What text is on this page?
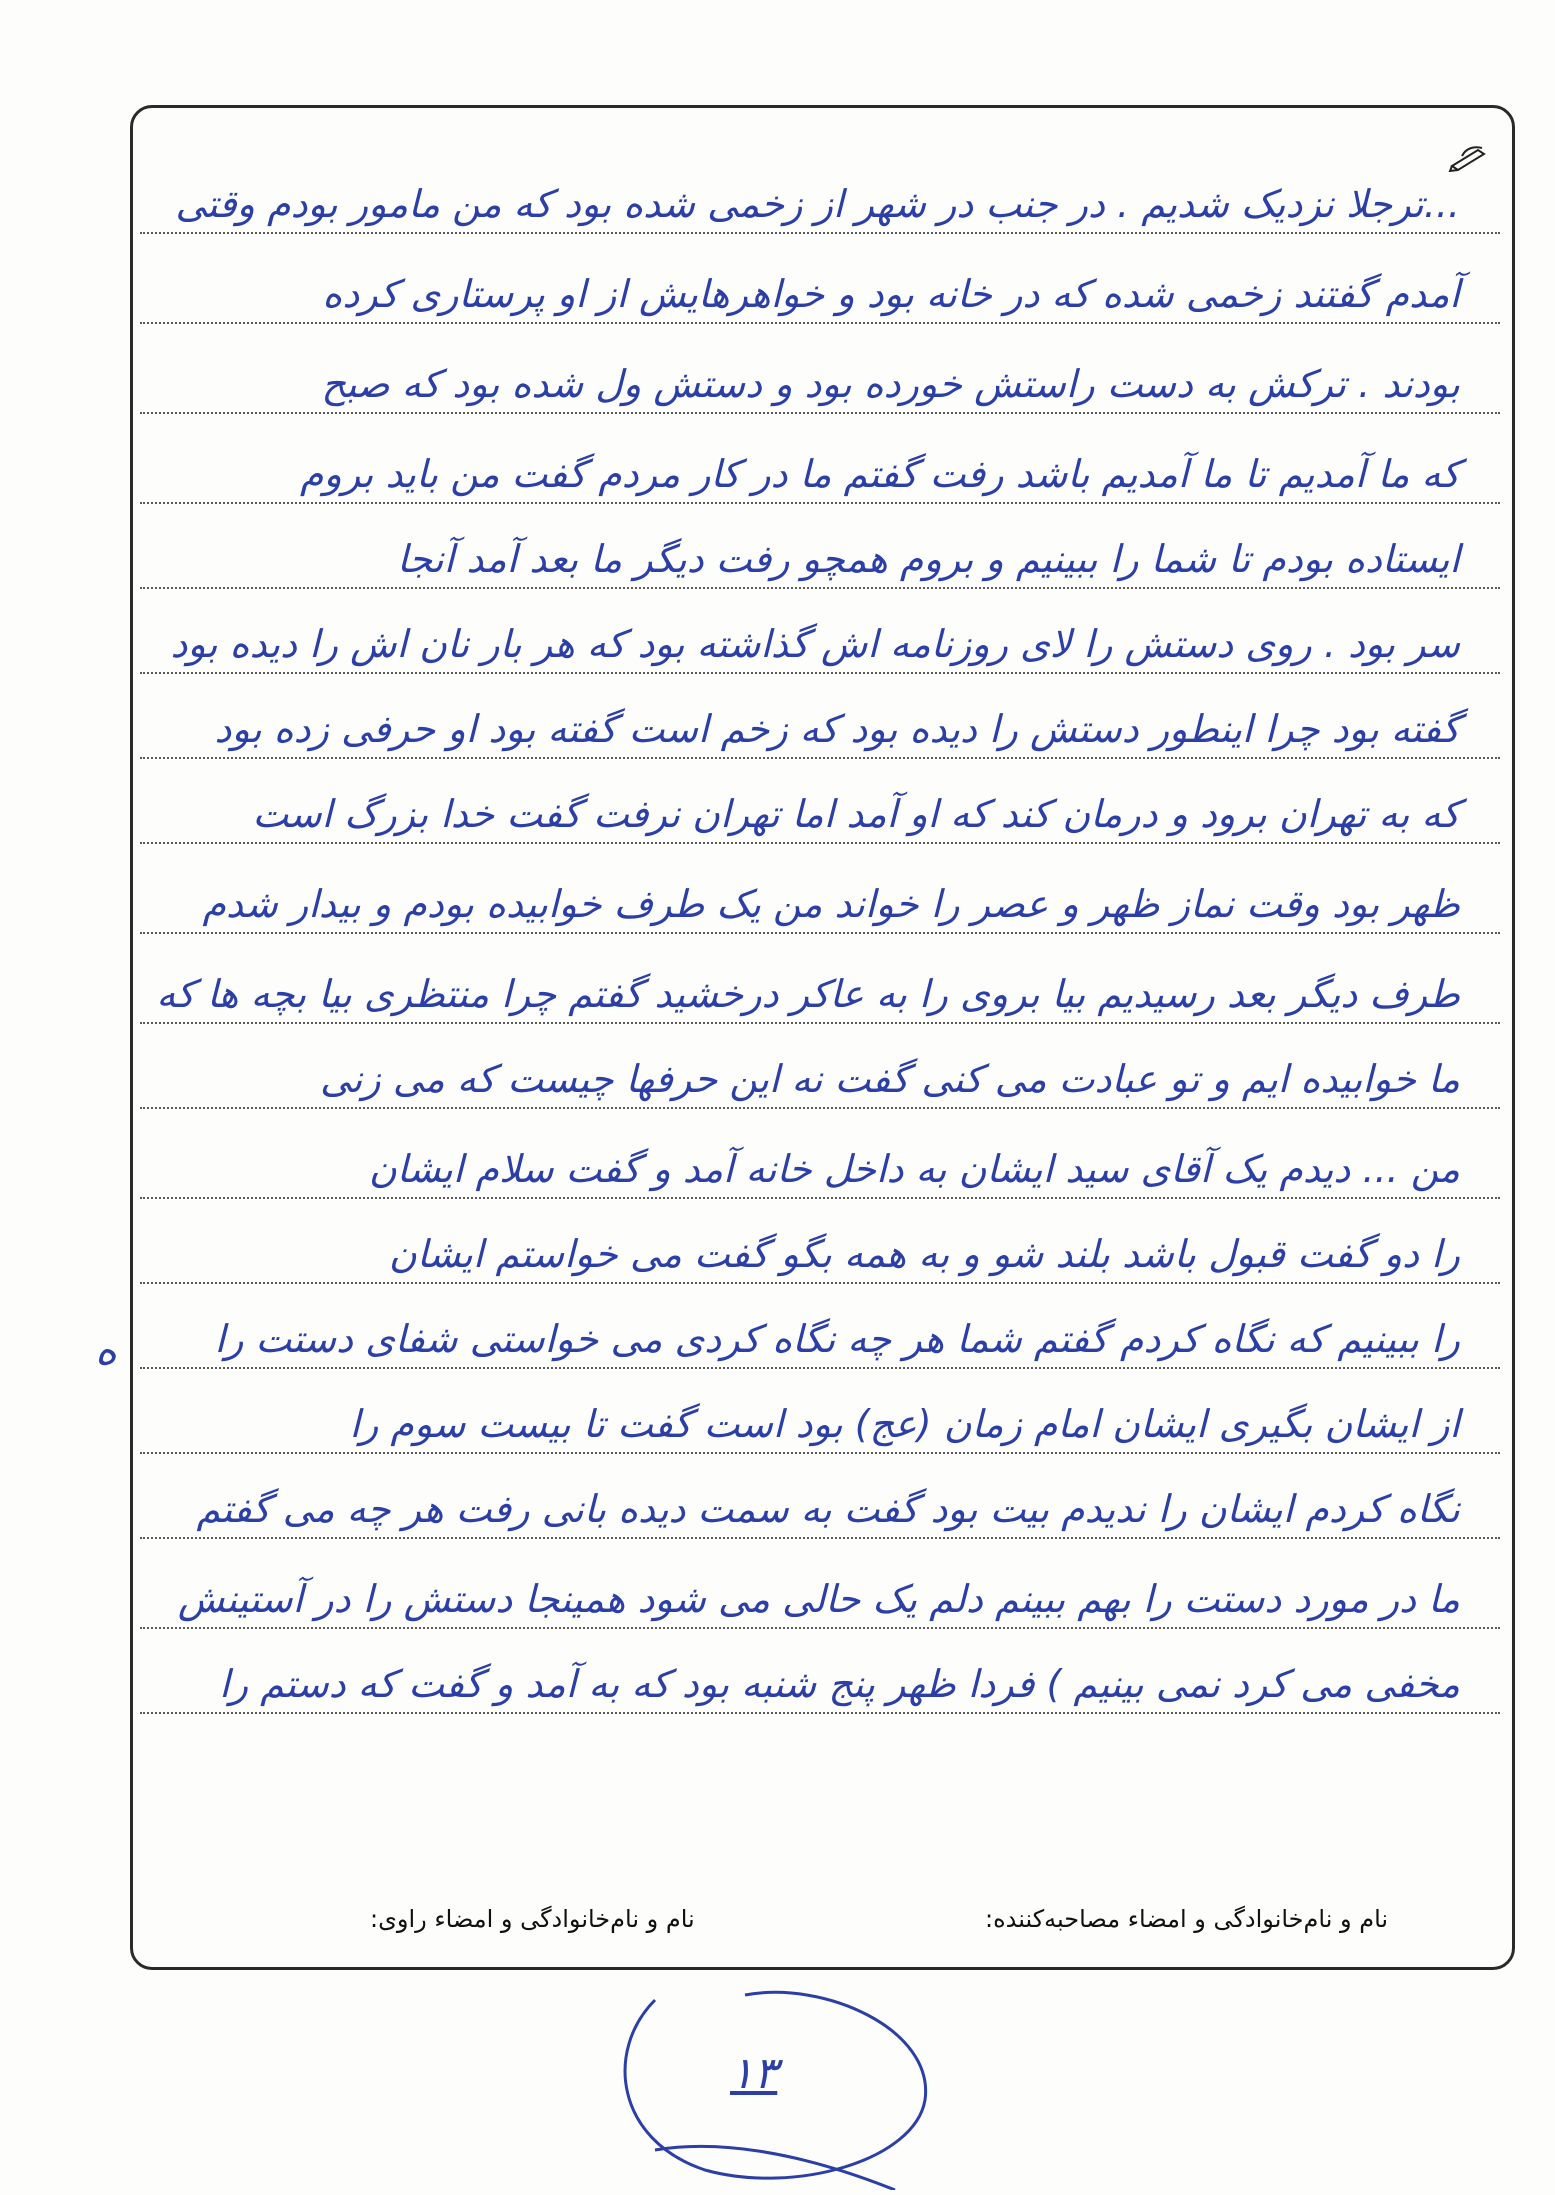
...ترجلا نزدیک شدیم . در جنب در شهر از زخمی شده بود که من مامور بودم وقتی
آمدم گفتند زخمی شده که در خانه بود و خواهرهایش از او پرستاری کرده
بودند . ترکش به دست راستش خورده بود و دستش ول شده بود که صبح
که ما آمدیم تا ما آمدیم باشد رفت گفتم ما در کار مردم گفت من باید بروم
ایستاده بودم تا شما را ببینیم و بروم همچو رفت دیگر ما بعد آمد آنجا
سر بود . روی دستش را لای روزنامه اش گذاشته بود که هر بار نان اش را دیده بود
گفته بود چرا اینطور دستش را دیده بود که زخم است گفته بود او حرفی زده بود
که به تهران برود و درمان کند که او آمد اما تهران نرفت گفت خدا بزرگ است
ظهر بود وقت نماز ظهر و عصر را خواند من یک طرف خوابیده بودم و بیدار شدم
طرف دیگر بعد رسیدیم بیا بروی را به عاکر درخشید گفتم چرا منتظری بیا بچه ها که
ما خوابیده ایم و تو عبادت می کنی گفت نه این حرفها چیست که می زنی
من ... دیدم یک آقای سید ایشان به داخل خانه آمد و گفت سلام ایشان
را دو گفت قبول باشد بلند شو و به همه بگو گفت می خواستم ایشان
را ببینیم که نگاه کردم گفتم شما هر چه نگاه کردی می خواستی شفای دستت را
از ایشان بگیری ایشان امام زمان (عج) بود است گفت تا بیست سوم را
نگاه کردم ایشان را ندیدم بیت بود گفت به سمت دیده بانی رفت هر چه می گفتم
ما در مورد دستت را بهم ببینم دلم یک حالی می شود همینجا دستش را در آستینش
مخفی می کرد نمی بینیم ) فردا ظهر پنج شنبه بود که به آمد و گفت که دستم را
ه
نام و نام‌خانوادگی و امضاء مصاحبه‌کننده:
نام و نام‌خانوادگی و امضاء راوی:
۱۳
